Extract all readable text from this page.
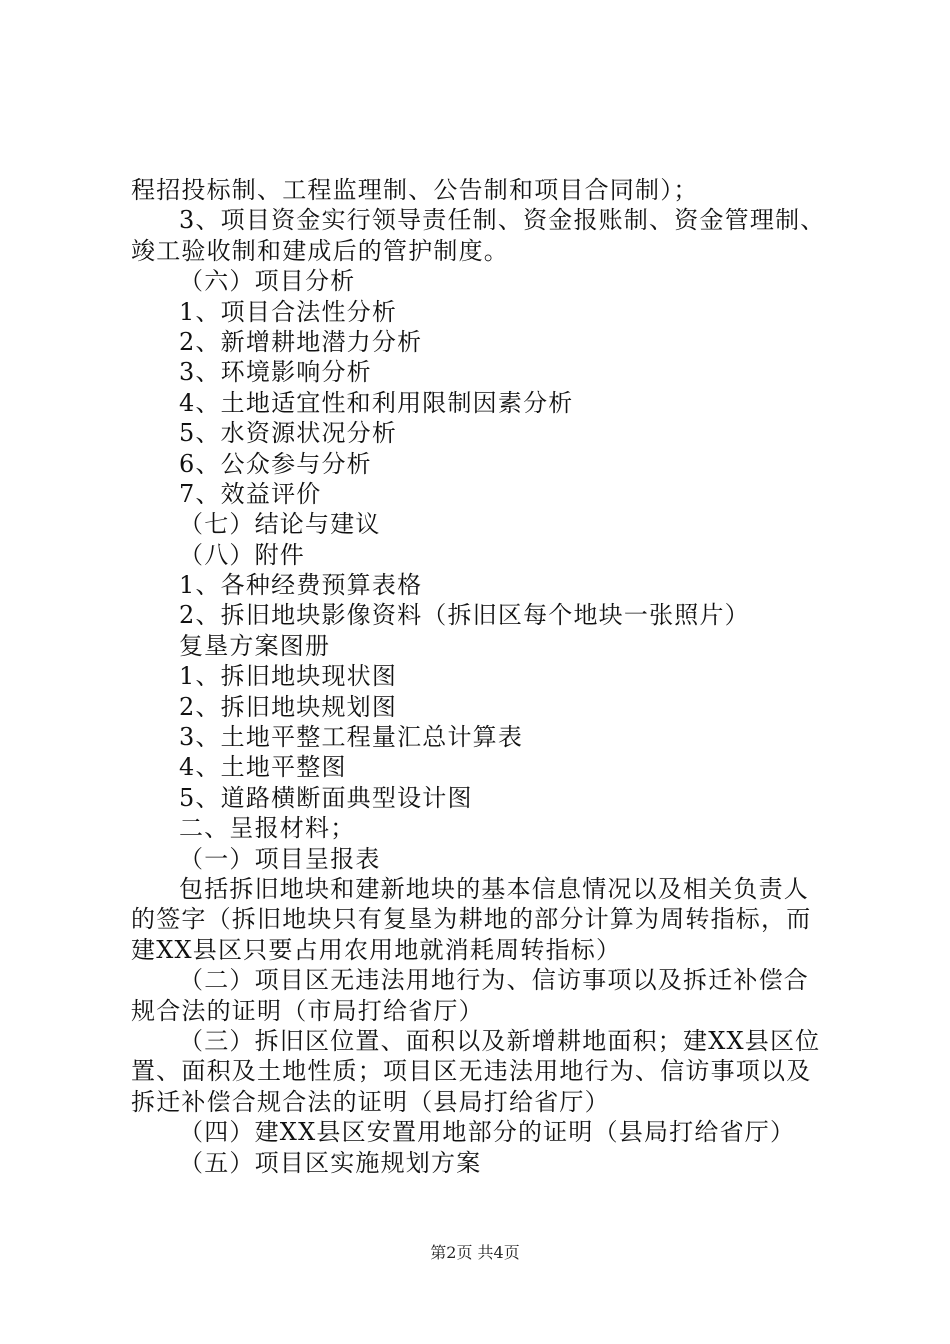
程招投标制、工程监理制、公告制和项目合同制）；
3、项目资金实行领导责任制、资金报账制、资金管理制、
竣工验收制和建成后的管护制度。
（六）项目分析
1、项目合法性分析
2、新增耕地潜力分析
3、环境影响分析
4、土地适宜性和利用限制因素分析
5、水资源状况分析
6、公众参与分析
7、效益评价
（七）结论与建议
（八）附件
1、各种经费预算表格
2、拆旧地块影像资料（拆旧区每个地块一张照片）
复垦方案图册
1、拆旧地块现状图
2、拆旧地块规划图
3、土地平整工程量汇总计算表
4、土地平整图
5、道路横断面典型设计图
二、呈报材料；
（一）项目呈报表
包括拆旧地块和建新地块的基本信息情况以及相关负责人
的签字（拆旧地块只有复垦为耕地的部分计算为周转指标，而
建XX县区只要占用农用地就消耗周转指标）
（二）项目区无违法用地行为、信访事项以及拆迁补偿合
规合法的证明（市局打给省厅）
（三）拆旧区位置、面积以及新增耕地面积；建XX县区位
置、面积及土地性质；项目区无违法用地行为、信访事项以及
拆迁补偿合规合法的证明（县局打给省厅）
（四）建XX县区安置用地部分的证明（县局打给省厅）
（五）项目区实施规划方案
第2页 共4页
